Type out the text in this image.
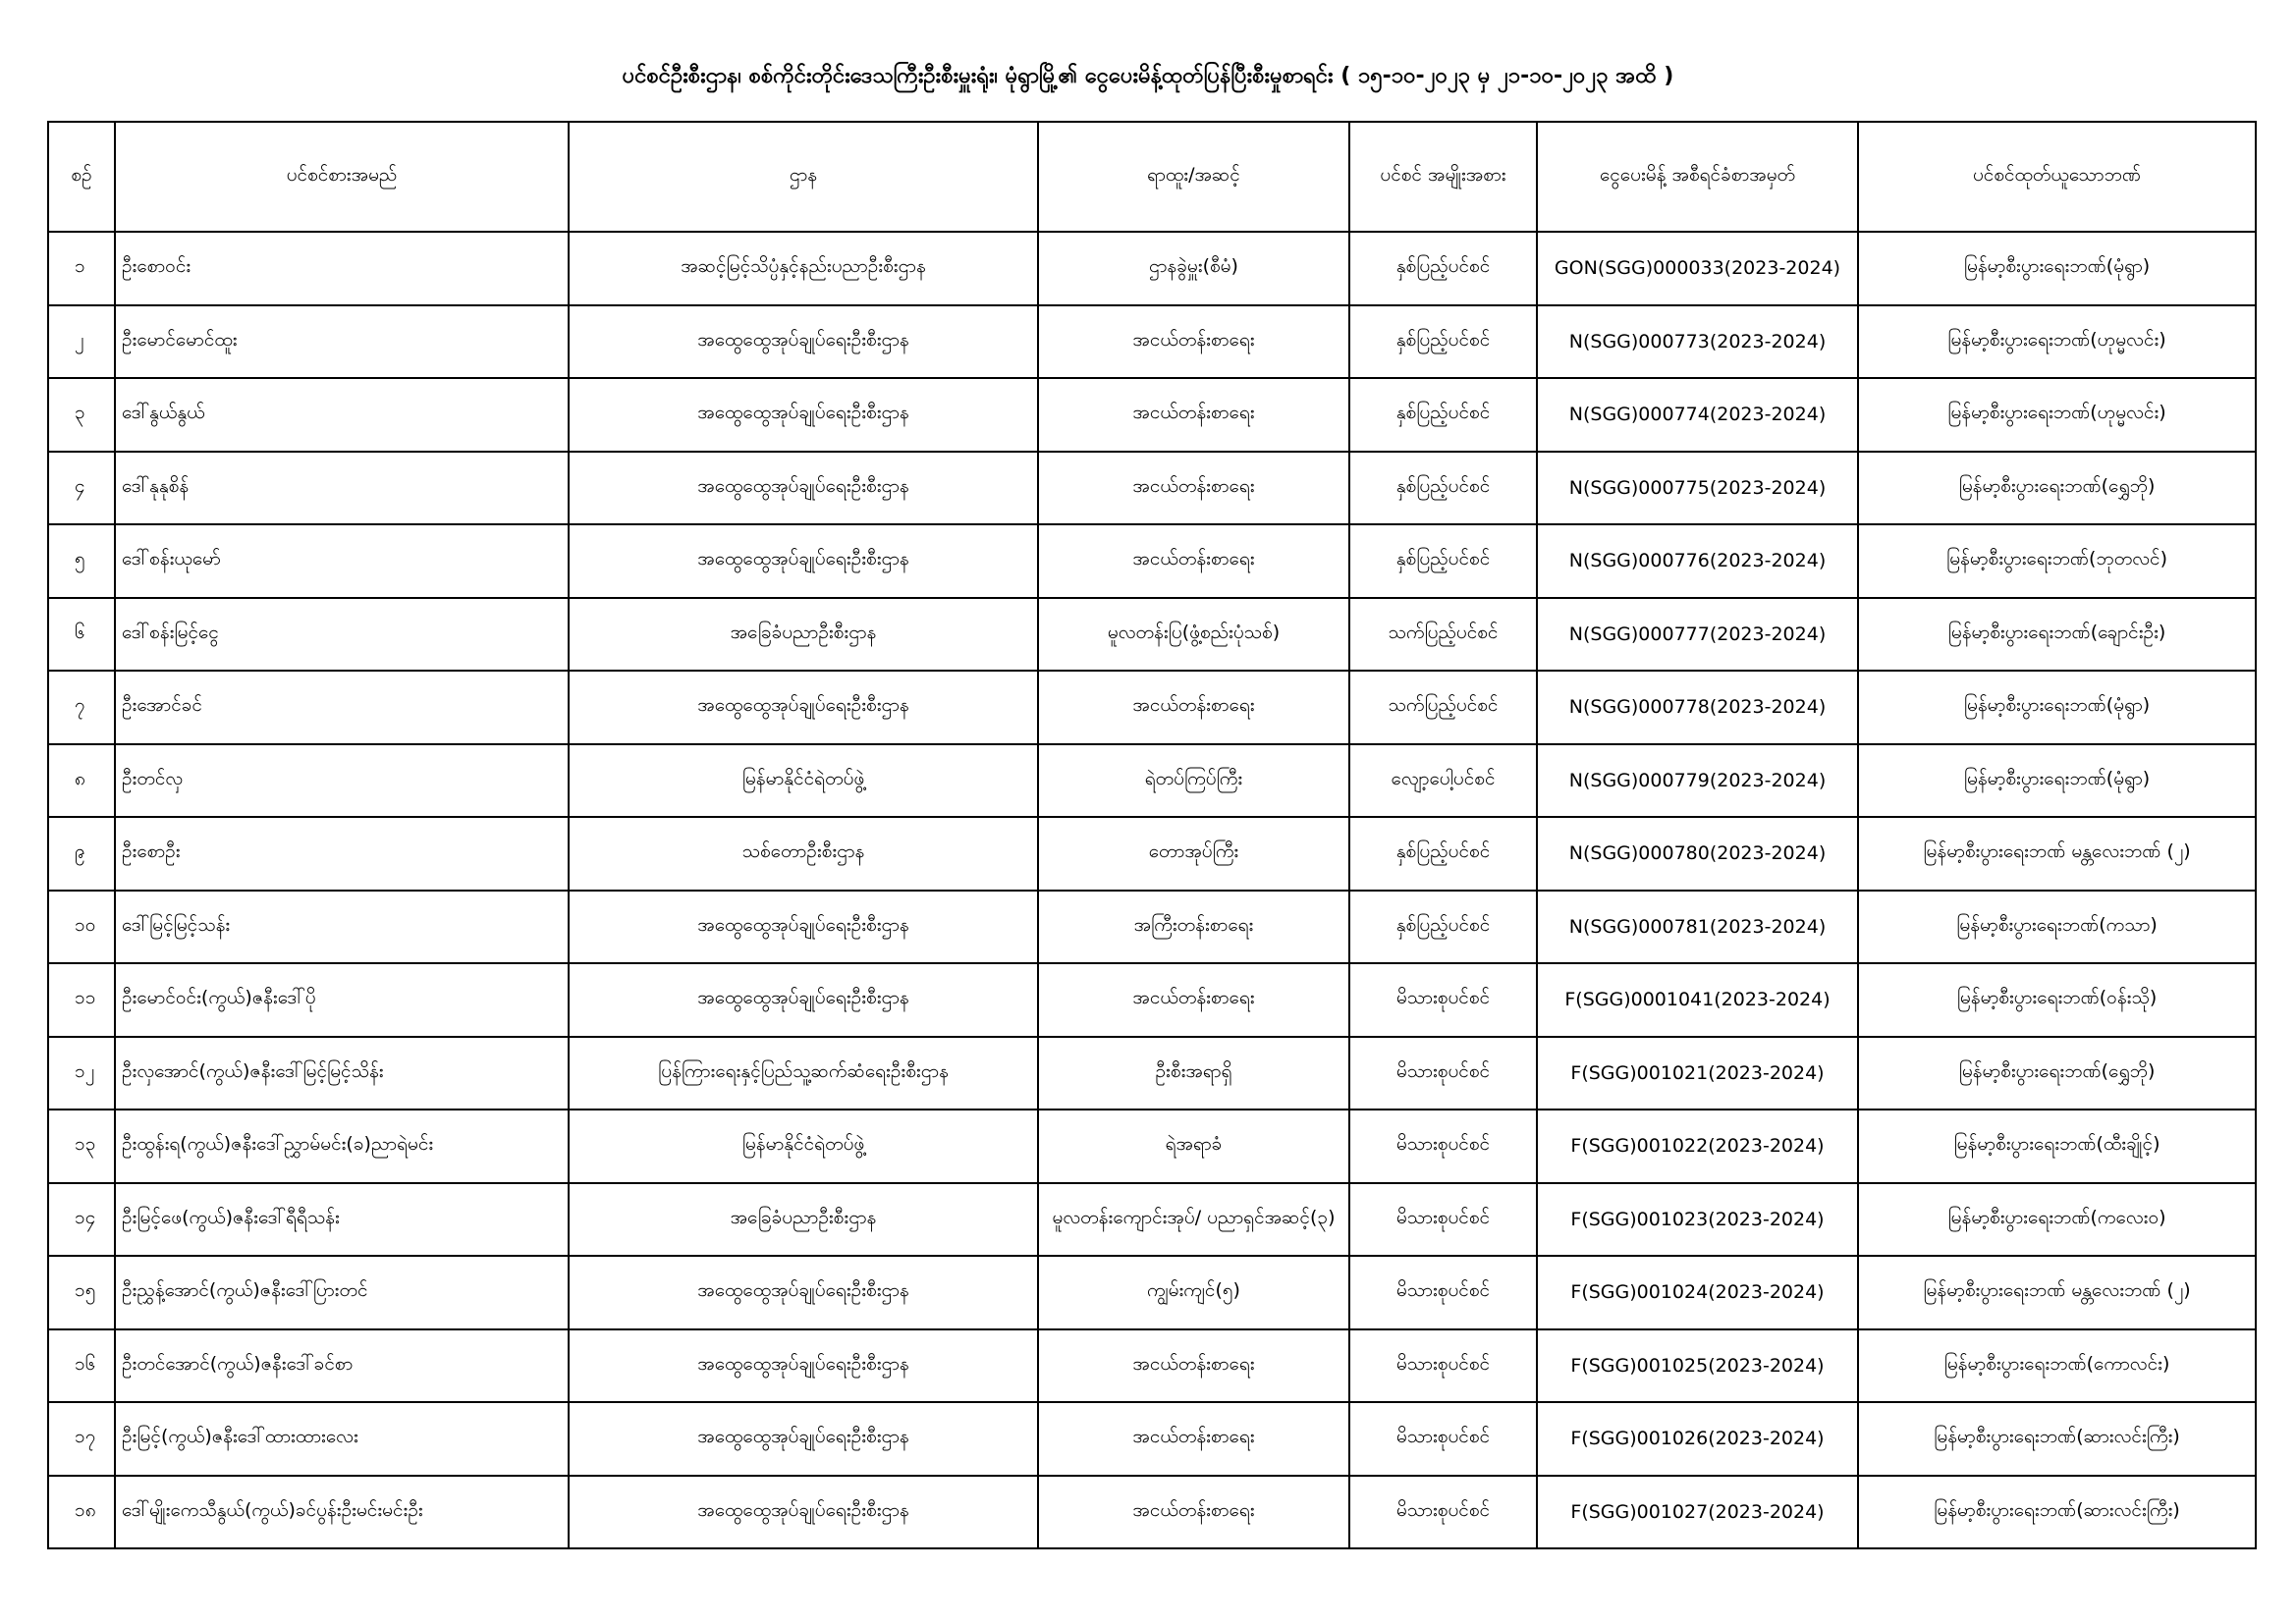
ပင်စင်ဦးစီးဌာန၊ စစ်ကိုင်းတိုင်းဒေသကြီးဦးစီးမှူးရုံး၊ မုံရွာမြို့၏ ငွေပေးမိန့်ထုတ်ပြန်ပြီးစီးမှုစာရင်း ( ၁၅-၁၀-၂၀၂၃ မှ ၂၁-၁၀-၂၀၂၃ အထိ )
စဉ်	ပင်စင်စားအမည်	ဌာန	ရာထူး/အဆင့်	ပင်စင် အမျိုးအစား	ငွေပေးမိန့် အစီရင်ခံစာအမှတ်	ပင်စင်ထုတ်ယူသောဘဏ်
၁	ဦးစောဝင်း	အဆင့်မြင့်သိပ္ပံနှင့်နည်းပညာဦးစီးဌာန	ဌာနခွဲမှူး(စီမံ)	နှစ်ပြည့်ပင်စင်	GON(SGG)000033(2023-2024)	မြန်မာ့စီးပွားရေးဘဏ်(မုံရွာ)
၂	ဦးမောင်မောင်ထူး	အထွေထွေအုပ်ချုပ်ရေးဦးစီးဌာန	အငယ်တန်းစာရေး	နှစ်ပြည့်ပင်စင်	N(SGG)000773(2023-2024)	မြန်မာ့စီးပွားရေးဘဏ်(ဟုမ္မလင်း)
၃	ဒေါ်နွယ်နွယ်	အထွေထွေအုပ်ချုပ်ရေးဦးစီးဌာန	အငယ်တန်းစာရေး	နှစ်ပြည့်ပင်စင်	N(SGG)000774(2023-2024)	မြန်မာ့စီးပွားရေးဘဏ်(ဟုမ္မလင်း)
၄	ဒေါ်နုနုစိန်	အထွေထွေအုပ်ချုပ်ရေးဦးစီးဌာန	အငယ်တန်းစာရေး	နှစ်ပြည့်ပင်စင်	N(SGG)000775(2023-2024)	မြန်မာ့စီးပွားရေးဘဏ်(ရွှေဘို)
၅	ဒေါ်စန်းယုမော်	အထွေထွေအုပ်ချုပ်ရေးဦးစီးဌာန	အငယ်တန်းစာရေး	နှစ်ပြည့်ပင်စင်	N(SGG)000776(2023-2024)	မြန်မာ့စီးပွားရေးဘဏ်(ဘုတလင်)
၆	ဒေါ်စန်းမြင့်ငွေ	အခြေခံပညာဦးစီးဌာန	မူလတန်းပြ(ဖွံ့စည်းပုံသစ်)	သက်ပြည့်ပင်စင်	N(SGG)000777(2023-2024)	မြန်မာ့စီးပွားရေးဘဏ်(ချောင်းဦး)
၇	ဦးအောင်ခင်	အထွေထွေအုပ်ချုပ်ရေးဦးစီးဌာန	အငယ်တန်းစာရေး	သက်ပြည့်ပင်စင်	N(SGG)000778(2023-2024)	မြန်မာ့စီးပွားရေးဘဏ်(မုံရွာ)
၈	ဦးတင်လှ	မြန်မာနိုင်ငံရဲတပ်ဖွဲ့	ရဲတပ်ကြပ်ကြီး	လျော့ပေါ့ပင်စင်	N(SGG)000779(2023-2024)	မြန်မာ့စီးပွားရေးဘဏ်(မုံရွာ)
၉	ဦးစောဦး	သစ်တောဦးစီးဌာန	တောအုပ်ကြီး	နှစ်ပြည့်ပင်စင်	N(SGG)000780(2023-2024)	မြန်မာ့စီးပွားရေးဘဏ် မန္တလေးဘဏ် (၂)
၁၀	ဒေါ်မြင့်မြင့်သန်း	အထွေထွေအုပ်ချုပ်ရေးဦးစီးဌာန	အကြီးတန်းစာရေး	နှစ်ပြည့်ပင်စင်	N(SGG)000781(2023-2024)	မြန်မာ့စီးပွားရေးဘဏ်(ကသာ)
၁၁	ဦးမောင်ဝင်း(ကွယ်)ဇနီးဒေါ်ပို	အထွေထွေအုပ်ချုပ်ရေးဦးစီးဌာန	အငယ်တန်းစာရေး	မိသားစုပင်စင်	F(SGG)0001041(2023-2024)	မြန်မာ့စီးပွားရေးဘဏ်(ဝန်းသို)
၁၂	ဦးလှအောင်(ကွယ်)ဇနီးဒေါ်မြင့်မြင့်သိန်း	ပြန်ကြားရေးနှင့်ပြည်သူ့ဆက်ဆံရေးဦးစီးဌာန	ဦးစီးအရာရှိ	မိသားစုပင်စင်	F(SGG)001021(2023-2024)	မြန်မာ့စီးပွားရေးဘဏ်(ရွှေဘို)
၁၃	ဦးထွန်းရ(ကွယ်)ဇနီးဒေါ်ညွှာမ်မင်း(ခ)ညာရဲမင်း	မြန်မာနိုင်ငံရဲတပ်ဖွဲ့	ရဲအရာခံ	မိသားစုပင်စင်	F(SGG)001022(2023-2024)	မြန်မာ့စီးပွားရေးဘဏ်(ထီးချိုင့်)
၁၄	ဦးမြင့်ဖေ(ကွယ်)ဇနီးဒေါ်ရီရီသန်း	အခြေခံပညာဦးစီးဌာန	မူလတန်းကျောင်းအုပ်/ ပညာရှင်အဆင့်(၃)	မိသားစုပင်စင်	F(SGG)001023(2023-2024)	မြန်မာ့စီးပွားရေးဘဏ်(ကလေးဝ)
၁၅	ဦးညွှန့်အောင်(ကွယ်)ဇနီးဒေါ်ပြားတင်	အထွေထွေအုပ်ချုပ်ရေးဦးစီးဌာန	ကျွမ်းကျင်(၅)	မိသားစုပင်စင်	F(SGG)001024(2023-2024)	မြန်မာ့စီးပွားရေးဘဏ် မန္တလေးဘဏ် (၂)
၁၆	ဦးတင်အောင်(ကွယ်)ဇနီးဒေါ်ခင်စာ	အထွေထွေအုပ်ချုပ်ရေးဦးစီးဌာန	အငယ်တန်းစာရေး	မိသားစုပင်စင်	F(SGG)001025(2023-2024)	မြန်မာ့စီးပွားရေးဘဏ်(ကောလင်း)
၁၇	ဦးမြင့်(ကွယ်)ဇနီးဒေါ်ထားထားလေး	အထွေထွေအုပ်ချုပ်ရေးဦးစီးဌာန	အငယ်တန်းစာရေး	မိသားစုပင်စင်	F(SGG)001026(2023-2024)	မြန်မာ့စီးပွားရေးဘဏ်(ဆားလင်းကြီး)
၁၈	ဒေါ်မျိုးကေသီနွယ်(ကွယ်)ခင်ပွန်းဦးမင်းမင်းဦး	အထွေထွေအုပ်ချုပ်ရေးဦးစီးဌာန	အငယ်တန်းစာရေး	မိသားစုပင်စင်	F(SGG)001027(2023-2024)	မြန်မာ့စီးပွားရေးဘဏ်(ဆားလင်းကြီး)
